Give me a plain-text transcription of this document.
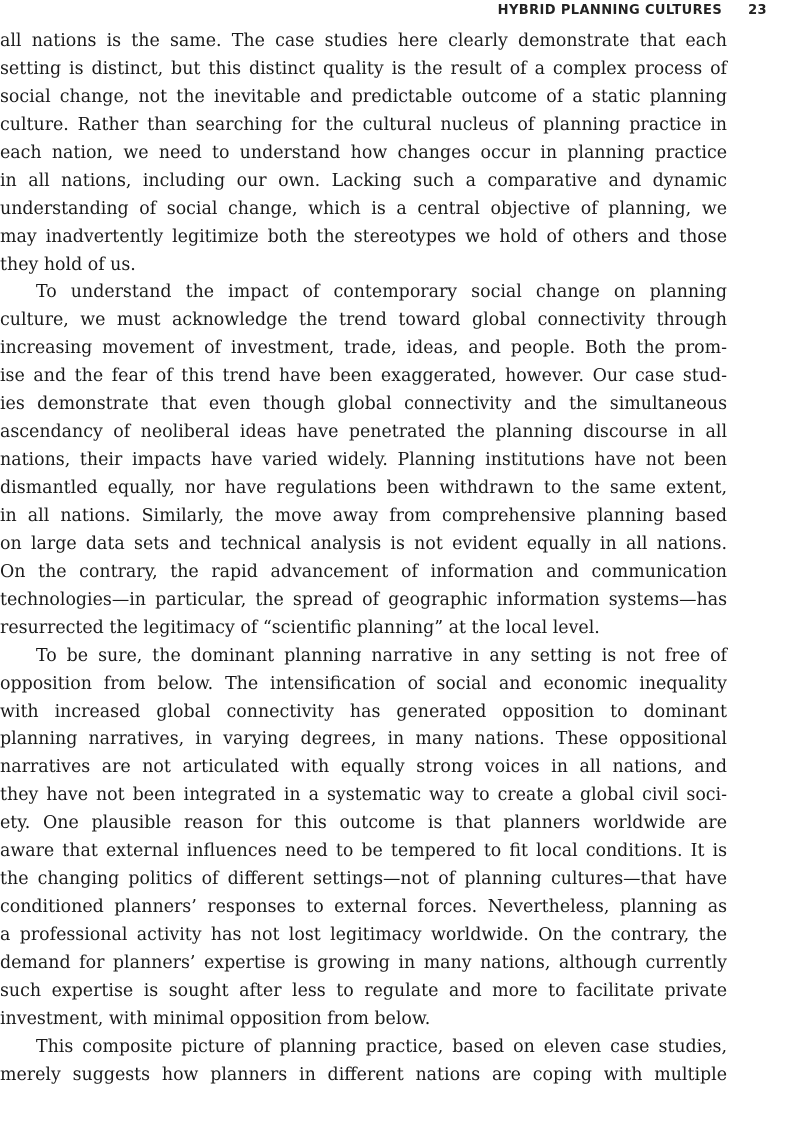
HYBRID PLANNING CULTURES 23
all nations is the same. The case studies here clearly demonstrate that each
setting is distinct, but this distinct quality is the result of a complex process of
social change, not the inevitable and predictable outcome of a static planning
culture. Rather than searching for the cultural nucleus of planning practice in
each nation, we need to understand how changes occur in planning practice
in all nations, including our own. Lacking such a comparative and dynamic
understanding of social change, which is a central objective of planning, we
may inadvertently legitimize both the stereotypes we hold of others and those
they hold of us.
To understand the impact of contemporary social change on planning
culture, we must acknowledge the trend toward global connectivity through
increasing movement of investment, trade, ideas, and people. Both the prom-
ise and the fear of this trend have been exaggerated, however. Our case stud-
ies demonstrate that even though global connectivity and the simultaneous
ascendancy of neoliberal ideas have penetrated the planning discourse in all
nations, their impacts have varied widely. Planning institutions have not been
dismantled equally, nor have regulations been withdrawn to the same extent,
in all nations. Similarly, the move away from comprehensive planning based
on large data sets and technical analysis is not evident equally in all nations.
On the contrary, the rapid advancement of information and communication
technologies—in particular, the spread of geographic information systems—has
resurrected the legitimacy of “scientific planning” at the local level.
To be sure, the dominant planning narrative in any setting is not free of
opposition from below. The intensification of social and economic inequality
with increased global connectivity has generated opposition to dominant
planning narratives, in varying degrees, in many nations. These oppositional
narratives are not articulated with equally strong voices in all nations, and
they have not been integrated in a systematic way to create a global civil soci-
ety. One plausible reason for this outcome is that planners worldwide are
aware that external influences need to be tempered to fit local conditions. It is
the changing politics of different settings—not of planning cultures—that have
conditioned planners’ responses to external forces. Nevertheless, planning as
a professional activity has not lost legitimacy worldwide. On the contrary, the
demand for planners’ expertise is growing in many nations, although currently
such expertise is sought after less to regulate and more to facilitate private
investment, with minimal opposition from below.
This composite picture of planning practice, based on eleven case studies,
merely suggests how planners in different nations are coping with multiple
